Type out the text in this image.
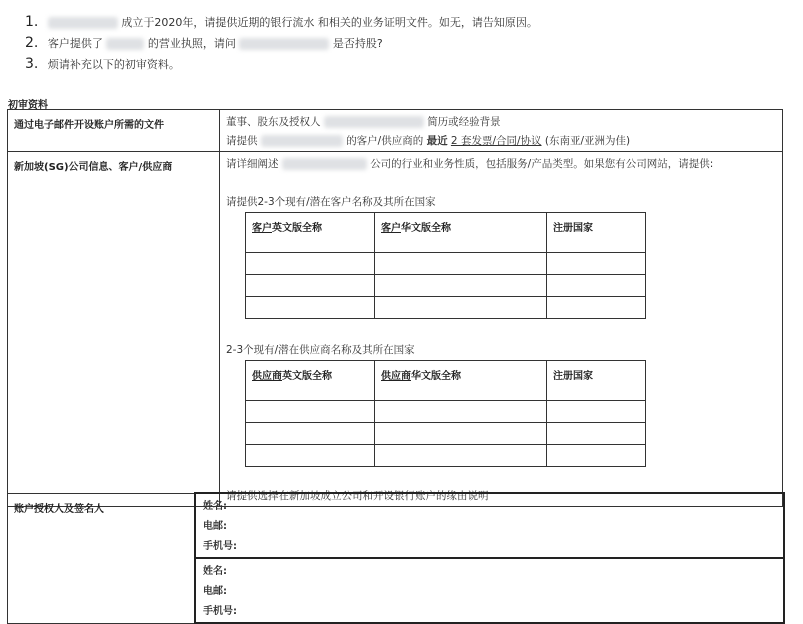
1.	成立于2020年，请提供近期的银行流水 和相关的业务证明文件。如无，请告知原因。
2. 客户提供了	的营业执照，请问	是否持股?
3. 烦请补充以下的初审资料。
初审资料
通过电子邮件开设账户所需的文件	董事、股东及授权人	简历或经验背景
请提供	的客户/供应商的 最近 2 套发票/合同/协议 (东南亚/亚洲为佳)

新加坡(SG)公司信息、客户/供应商	请详细阐述	公司的行业和业务性质，包括服务/产品类型。如果您有公司网站，请提供:
请提供2-3个现有/潜在客户名称及其所在国家
客户英文版全称	客户华文版全称	注册国家

2-3个现有/潜在供应商名称及其所在国家
供应商英文版全称	供应商华文版全称	注册国家

请提供选择在新加坡成立公司和开设银行账户的缘由说明
账户授权人及签名人	姓名:
电邮:
手机号:

姓名:
电邮:
手机号:
